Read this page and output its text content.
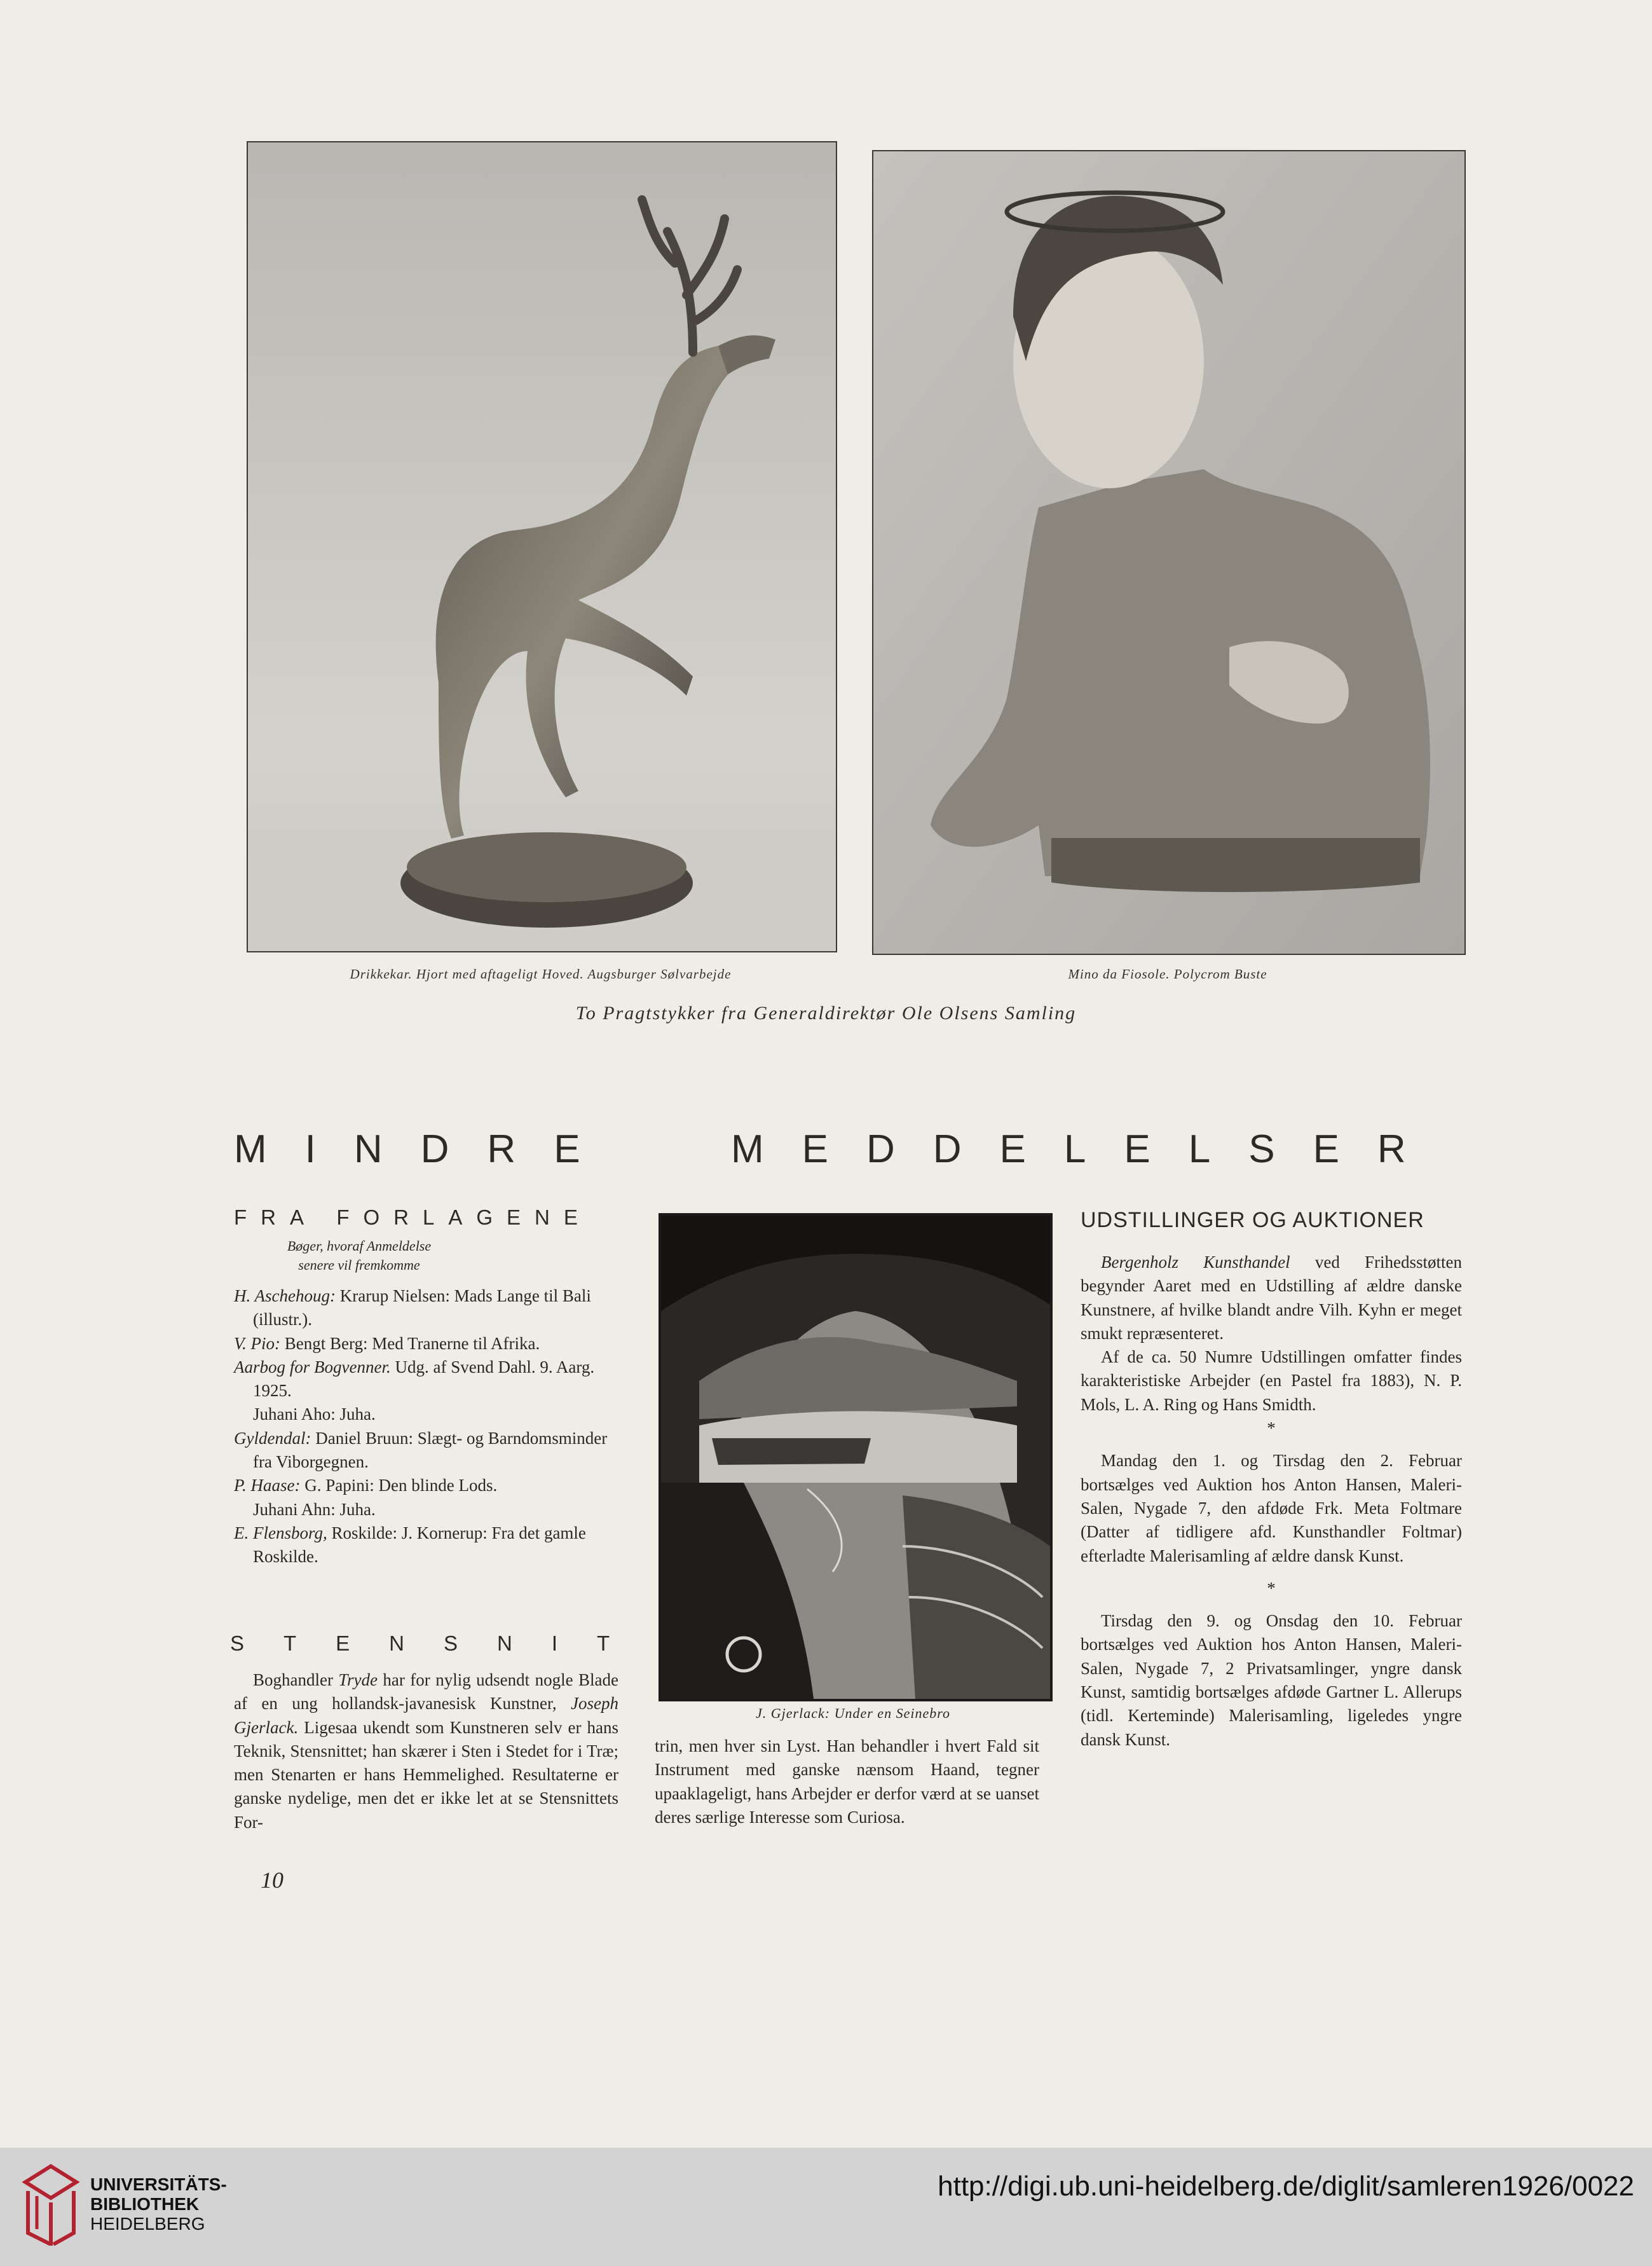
Drikkekar. Hjort med aftageligt Hoved. Augsburger Sølvarbejde	Mino da Fiosole. Polycrom Buste
To Pragtstykker fra Generaldirektør Ole Olsens Samling
MINDRE	MEDDELELSER
FRA FORLAGENE
Bøger, hvoraf Anmeldelse senere vil fremkomme

H. Aschehoug: Krarup Nielsen: Mads Lange til Bali (illustr.).

V. Pio: Bengt Berg: Med Tranerne til Afrika.

Aarbog for Bogvenner. Udg. af Svend Dahl. 9. Aarg. 1925.

Juhani Aho: Juha.

Gyldendal: Daniel Bruun: Slægt- og Barndomsminder fra Viborgegnen.

P. Haase: G. Papini: Den blinde Lods.

Juhani Ahn: Juha.

E. Flensborg, Roskilde: J. Kornerup: Fra det gamle Roskilde.

STENSNIT

Boghandler Tryde har for nylig udsendt nogle Blade af en ung hollandsk-javanesisk Kunstner, Joseph Gjerlack. Ligesaa ukendt som Kunstneren selv er hans Teknik, Stensnittet; han skærer i Sten i Stedet for i Træ; men Stenarten er hans Hemmelighed. Resultaterne er ganske nydelige, men det er ikke let at se Stensnittets For-

10
J. Gjerlack: Under en Seinebro
trin, men hver sin Lyst. Han behandler i hvert Fald sit Instrument med ganske nænsom Haand, tegner upaaklageligt, hans Arbejder er derfor værd at se uanset deres særlige Interesse som Curiosa.
UDSTILLINGER OG AUKTIONER

Bergenholz Kunsthandel ved Frihedsstøtten begynder Aaret med en Udstilling af ældre danske Kunstnere, af hvilke blandt andre Vilh. Kyhn er meget smukt repræsenteret.

Af de ca. 50 Numre Udstillingen omfatter findes karakteristiske Arbejder (en Pastel fra 1883), N. P. Mols, L. A. Ring og Hans Smidth.

*

Mandag den 1. og Tirsdag den 2. Februar bortsælges ved Auktion hos Anton Hansen, Maleri-Salen, Nygade 7, den afdøde Frk. Meta Foltmare (Datter af tidligere afd. Kunsthandler Foltmar) efterladte Malerisamling af ældre dansk Kunst.

*

Tirsdag den 9. og Onsdag den 10. Februar bortsælges ved Auktion hos Anton Hansen, Maleri-Salen, Nygade 7, 2 Privatsamlinger, yngre dansk Kunst, samtidig bortsælges afdøde Gartner L. Allerups (tidl. Kerteminde) Malerisamling, ligeledes yngre dansk Kunst.

UNIVERSITÄTS-
BIBLIOTHEK
HEIDELBERG
http://digi.ub.uni-heidelberg.de/diglit/samleren1926/0022
